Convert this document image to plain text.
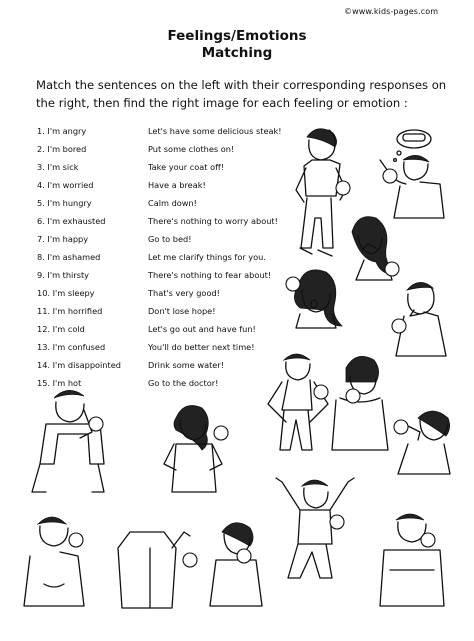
©www.kids-pages.com
Feelings/Emotions
Matching
Match the sentences on the left with their corresponding responses on the right, then find the right image for each feeling or emotion :
1. I'm angry
2. I'm bored
3. I'm sick
4. I'm worried
5. I'm hungry
6. I'm exhausted
7. I'm happy
8. I'm ashamed
9. I'm thirsty
10. I'm sleepy
11. I'm horrified
12. I'm cold
13. I'm confused
14. I'm disappointed
15. I'm hot
Let's have some delicious steak!
Put some clothes on!
Take your coat off!
Have a break!
Calm down!
There's nothing to worry about!
Go to bed!
Let me clarify things for you.
There's nothing to fear about!
That's very good!
Don't lose hope!
Let's go out and have fun!
You'll do better next time!
Drink some water!
Go to the doctor!
